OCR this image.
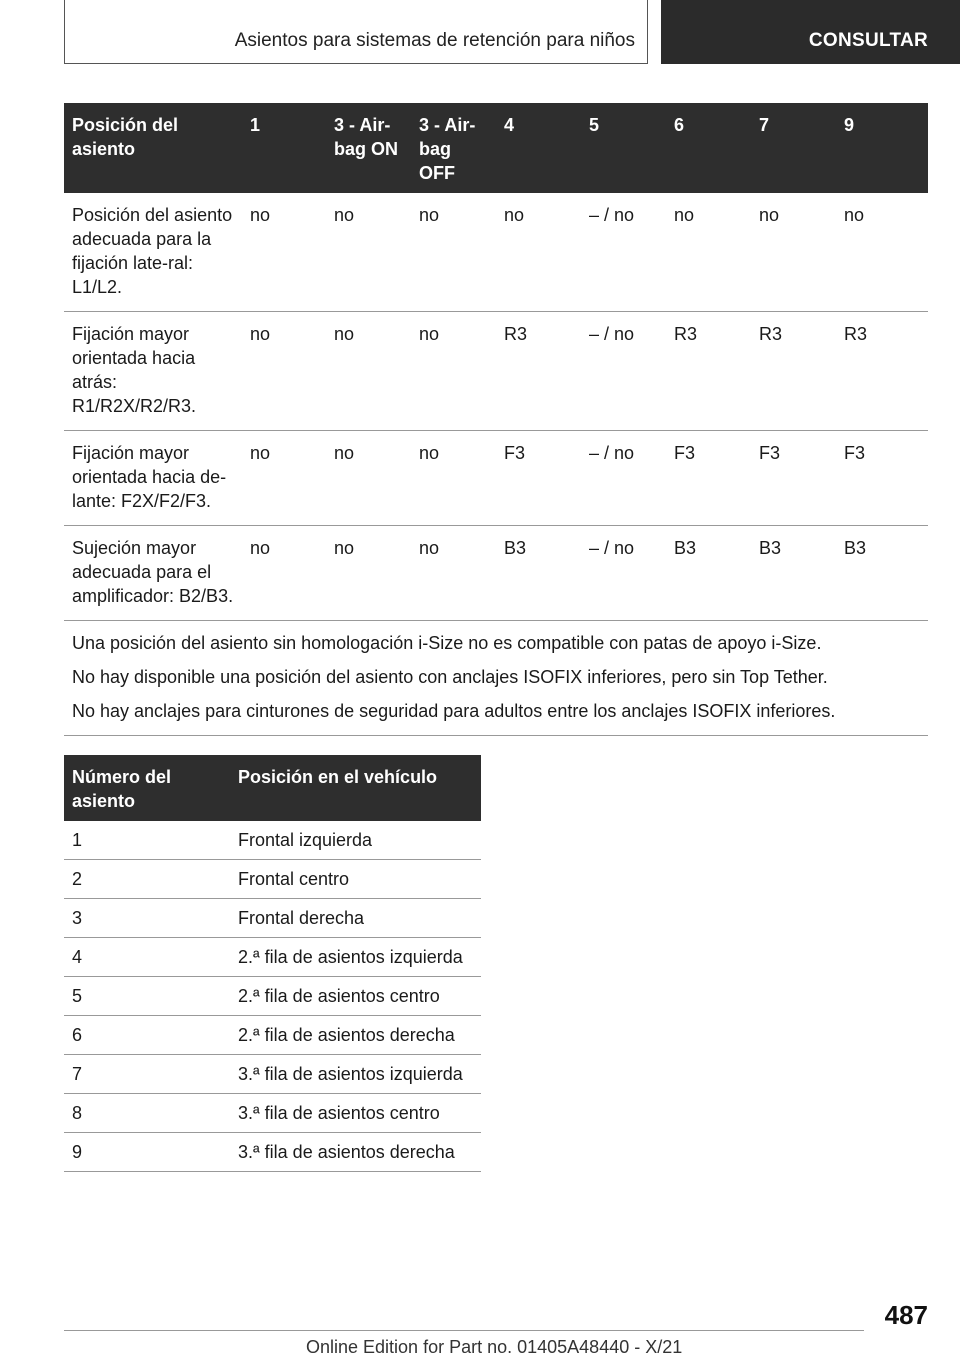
Asientos para sistemas de retención para niños	CONSULTAR
Posición del asiento	1	3 - Air-bag ON	3 - Air-bag OFF	4	5	6	7	9
Posición del asiento adecuada para la fijación late-ral: L1/L2.	no	no	no	no	– / no	no	no	no
Fijación mayor orientada hacia atrás: R1/R2X/R2/R3.	no	no	no	R3	– / no	R3	R3	R3
Fijación mayor orientada hacia de-lante: F2X/F2/F3.	no	no	no	F3	– / no	F3	F3	F3
Sujeción mayor adecuada para el amplificador: B2/B3.	no	no	no	B3	– / no	B3	B3	B3

Una posición del asiento sin homologación i-Size no es compatible con patas de apoyo i-Size.

No hay disponible una posición del asiento con anclajes ISOFIX inferiores, pero sin Top Tether.

No hay anclajes para cinturones de seguridad para adultos entre los anclajes ISOFIX inferiores.								

Número del asiento	Posición en el vehículo
1	Frontal izquierda
2	Frontal centro
3	Frontal derecha
4	2.ª fila de asientos izquierda
5	2.ª fila de asientos centro
6	2.ª fila de asientos derecha
7	3.ª fila de asientos izquierda
8	3.ª fila de asientos centro
9	3.ª fila de asientos derecha
487
Online Edition for Part no. 01405A48440 - X/21
